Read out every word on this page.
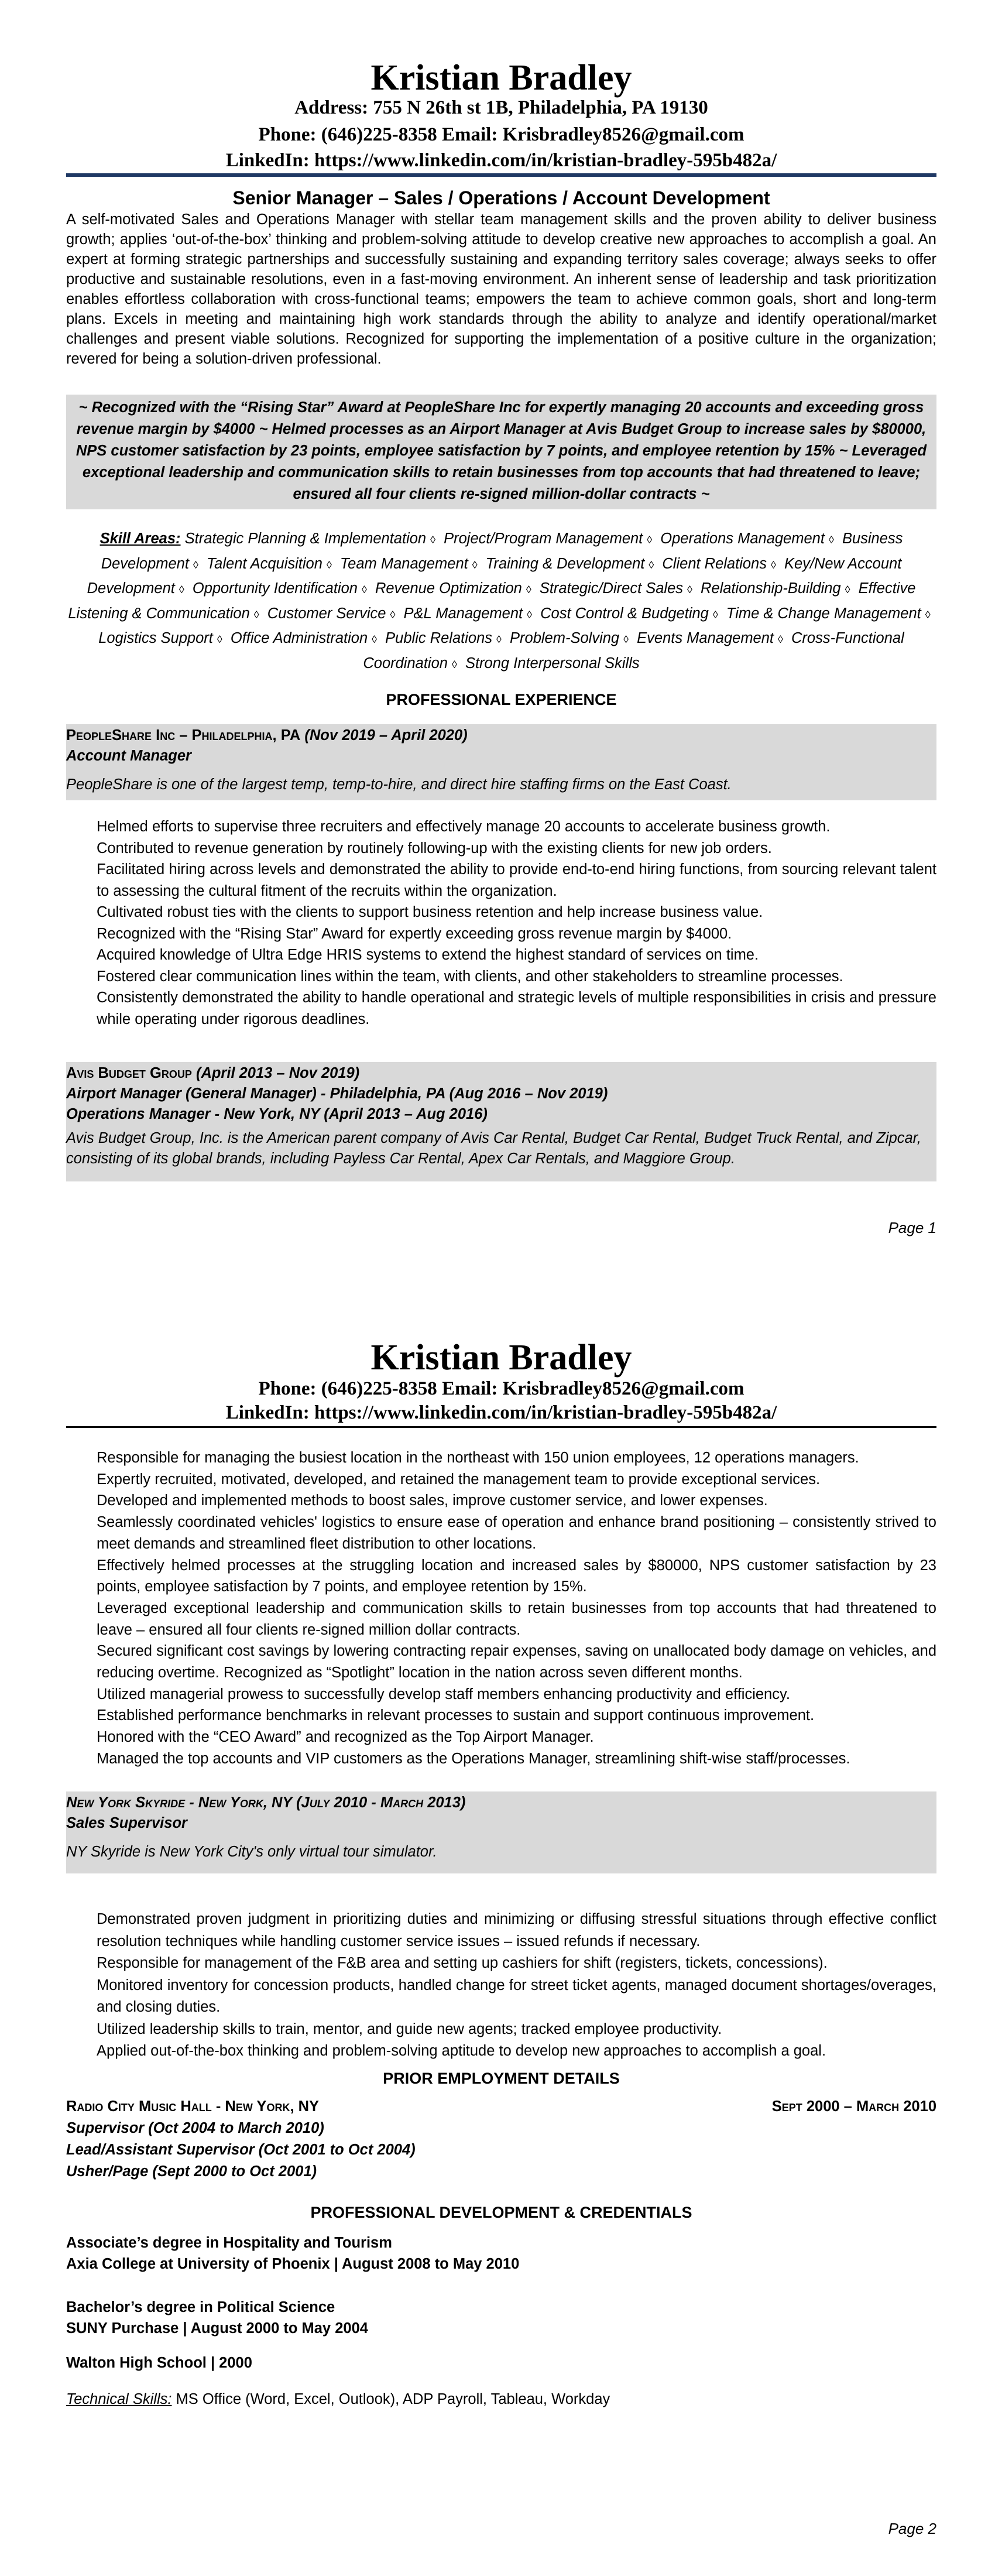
Kristian Bradley
Address: 755 N 26th st 1B, Philadelphia, PA 19130
Phone: (646)225-8358 Email: Krisbradley8526@gmail.com
LinkedIn: https://www.linkedin.com/in/kristian-bradley-595b482a/
Senior Manager – Sales / Operations / Account Development
A self-motivated Sales and Operations Manager with stellar team management skills and the proven ability to deliver business growth; applies ‘out-of-the-box’ thinking and problem-solving attitude to develop creative new approaches to accomplish a goal. An expert at forming strategic partnerships and successfully sustaining and expanding territory sales coverage; always seeks to offer productive and sustainable resolutions, even in a fast-moving environment. An inherent sense of leadership and task prioritization enables effortless collaboration with cross-functional teams; empowers the team to achieve common goals, short and long-term plans. Excels in meeting and maintaining high work standards through the ability to analyze and identify operational/market challenges and present viable solutions. Recognized for supporting the implementation of a positive culture in the organization; revered for being a solution-driven professional.
~ Recognized with the “Rising Star” Award at PeopleShare Inc for expertly managing 20 accounts and exceeding gross revenue margin by $4000 ~ Helmed processes as an Airport Manager at Avis Budget Group to increase sales by $80000, NPS customer satisfaction by 23 points, employee satisfaction by 7 points, and employee retention by 15% ~ Leveraged exceptional leadership and communication skills to retain businesses from top accounts that had threatened to leave; ensured all four clients re-signed million-dollar contracts ~
Skill Areas: Strategic Planning & Implementation ◊ Project/Program Management ◊ Operations Management ◊ Business Development ◊ Talent Acquisition ◊ Team Management ◊ Training & Development ◊ Client Relations ◊ Key/New Account Development ◊ Opportunity Identification ◊ Revenue Optimization ◊ Strategic/Direct Sales ◊ Relationship-Building ◊ Effective Listening & Communication ◊ Customer Service ◊ P&L Management ◊ Cost Control & Budgeting ◊ Time & Change Management ◊ Logistics Support ◊ Office Administration ◊ Public Relations ◊ Problem-Solving ◊ Events Management ◊ Cross-Functional Coordination ◊ Strong Interpersonal Skills
PROFESSIONAL EXPERIENCE
PeopleShare Inc – Philadelphia, PA (Nov 2019 – April 2020)
Account Manager
PeopleShare is one of the largest temp, temp-to-hire, and direct hire staffing firms on the East Coast.
Helmed efforts to supervise three recruiters and effectively manage 20 accounts to accelerate business growth.
Contributed to revenue generation by routinely following-up with the existing clients for new job orders.
Facilitated hiring across levels and demonstrated the ability to provide end-to-end hiring functions, from sourcing relevant talent to assessing the cultural fitment of the recruits within the organization.
Cultivated robust ties with the clients to support business retention and help increase business value.
Recognized with the “Rising Star” Award for expertly exceeding gross revenue margin by $4000.
Acquired knowledge of Ultra Edge HRIS systems to extend the highest standard of services on time.
Fostered clear communication lines within the team, with clients, and other stakeholders to streamline processes.
Consistently demonstrated the ability to handle operational and strategic levels of multiple responsibilities in crisis and pressure while operating under rigorous deadlines.
Avis Budget Group (April 2013 – Nov 2019)
Airport Manager (General Manager) - Philadelphia, PA (Aug 2016 – Nov 2019)
Operations Manager - New York, NY (April 2013 – Aug 2016)
Avis Budget Group, Inc. is the American parent company of Avis Car Rental, Budget Car Rental, Budget Truck Rental, and Zipcar, consisting of its global brands, including Payless Car Rental, Apex Car Rentals, and Maggiore Group.
Page 1
Kristian Bradley
Phone: (646)225-8358 Email: Krisbradley8526@gmail.com
LinkedIn: https://www.linkedin.com/in/kristian-bradley-595b482a/
Responsible for managing the busiest location in the northeast with 150 union employees, 12 operations managers.
Expertly recruited, motivated, developed, and retained the management team to provide exceptional services.
Developed and implemented methods to boost sales, improve customer service, and lower expenses.
Seamlessly coordinated vehicles' logistics to ensure ease of operation and enhance brand positioning – consistently strived to meet demands and streamlined fleet distribution to other locations.
Effectively helmed processes at the struggling location and increased sales by $80000, NPS customer satisfaction by 23 points, employee satisfaction by 7 points, and employee retention by 15%.
Leveraged exceptional leadership and communication skills to retain businesses from top accounts that had threatened to leave – ensured all four clients re-signed million dollar contracts.
Secured significant cost savings by lowering contracting repair expenses, saving on unallocated body damage on vehicles, and reducing overtime. Recognized as “Spotlight” location in the nation across seven different months.
Utilized managerial prowess to successfully develop staff members enhancing productivity and efficiency.
Established performance benchmarks in relevant processes to sustain and support continuous improvement.
Honored with the “CEO Award” and recognized as the Top Airport Manager.
Managed the top accounts and VIP customers as the Operations Manager, streamlining shift-wise staff/processes.
New York Skyride - New York, NY (July 2010 - March 2013)
Sales Supervisor
NY Skyride is New York City's only virtual tour simulator.
Demonstrated proven judgment in prioritizing duties and minimizing or diffusing stressful situations through effective conflict resolution techniques while handling customer service issues – issued refunds if necessary.
Responsible for management of the F&B area and setting up cashiers for shift (registers, tickets, concessions).
Monitored inventory for concession products, handled change for street ticket agents, managed document shortages/overages, and closing duties.
Utilized leadership skills to train, mentor, and guide new agents; tracked employee productivity.
Applied out-of-the-box thinking and problem-solving aptitude to develop new approaches to accomplish a goal.
PRIOR EMPLOYMENT DETAILS
Radio City Music Hall - New York, NY	Sept 2000 – March 2010
Supervisor (Oct 2004 to March 2010)
Lead/Assistant Supervisor (Oct 2001 to Oct 2004)
Usher/Page (Sept 2000 to Oct 2001)
PROFESSIONAL DEVELOPMENT & CREDENTIALS
Associate’s degree in Hospitality and Tourism
Axia College at University of Phoenix | August 2008 to May 2010
Bachelor’s degree in Political Science
SUNY Purchase | August 2000 to May 2004
Walton High School | 2000
Technical Skills: MS Office (Word, Excel, Outlook), ADP Payroll, Tableau, Workday
Page 2
